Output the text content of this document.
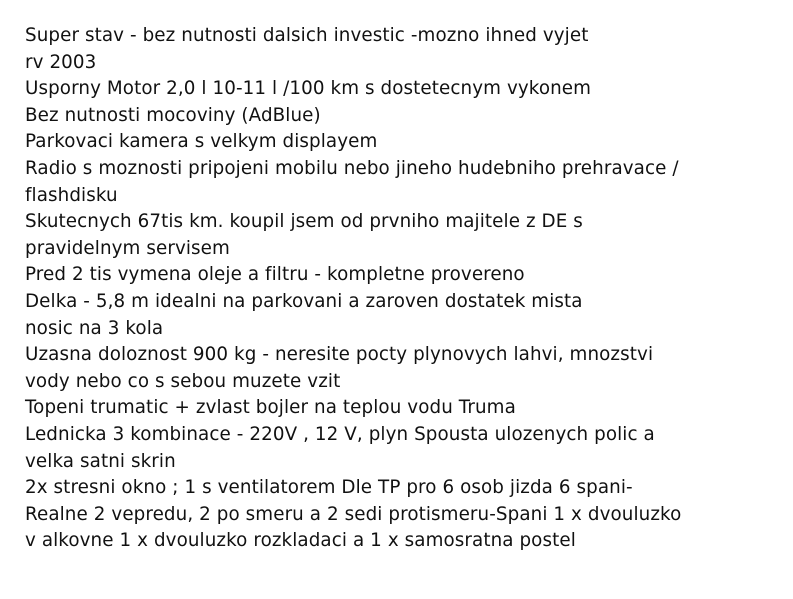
Super stav - bez nutnosti dalsich investic -mozno ihned vyjet
rv 2003
Usporny Motor 2,0 l 10-11 l /100 km s dostetecnym vykonem
Bez nutnosti mocoviny (AdBlue)
Parkovaci kamera s velkym displayem
Radio s moznosti pripojeni mobilu nebo jineho hudebniho prehravace /
flashdisku
Skutecnych 67tis km. koupil jsem od prvniho majitele z DE s
pravidelnym servisem
Pred 2 tis vymena oleje a filtru - kompletne provereno
Delka - 5,8 m idealni na parkovani a zaroven dostatek mista
nosic na 3 kola
Uzasna doloznost 900 kg - neresite pocty plynovych lahvi, mnozstvi
vody nebo co s sebou muzete vzit
Topeni trumatic + zvlast bojler na teplou vodu Truma
Lednicka 3 kombinace - 220V , 12 V, plyn Spousta ulozenych polic a
velka satni skrin
2x stresni okno ; 1 s ventilatorem Dle TP pro 6 osob jizda 6 spani-
Realne 2 vepredu, 2 po smeru a 2 sedi protismeru-Spani 1 x dvouluzko
v alkovne 1 x dvouluzko rozkladaci a 1 x samosratna postel
